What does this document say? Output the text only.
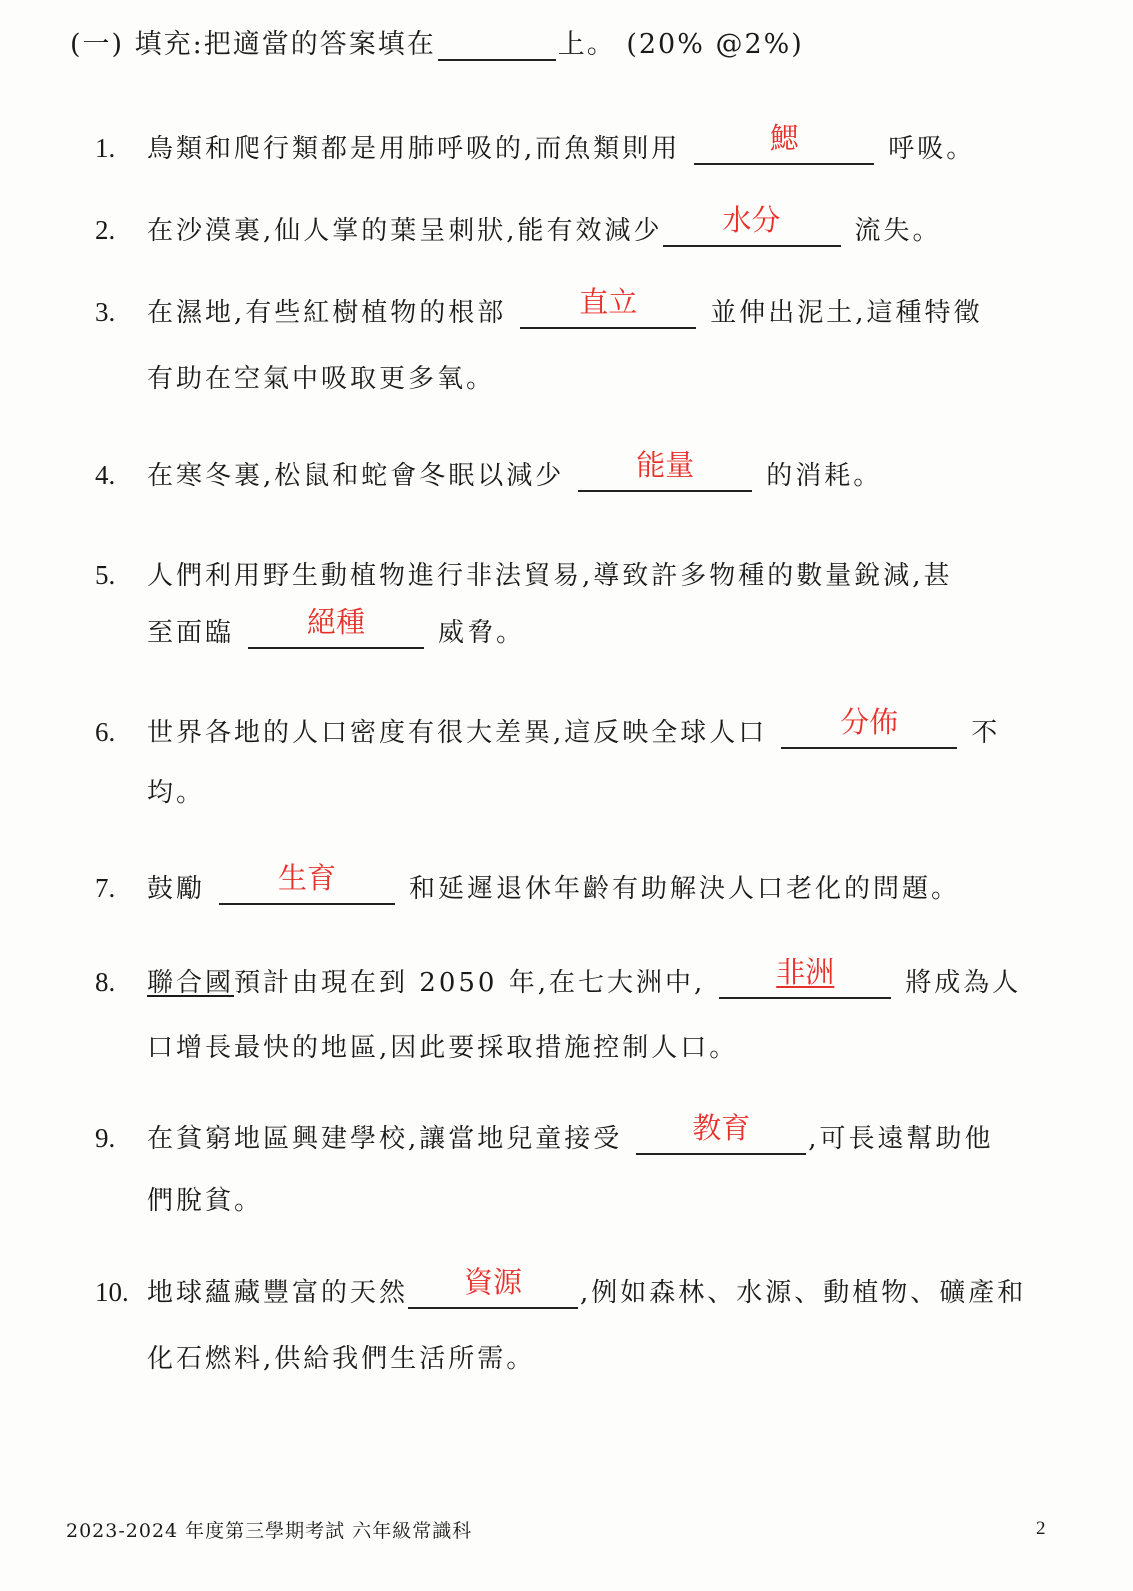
(一) 填充:把適當的答案填在	上。 (20% @2%)
1. 鳥類和爬行類都是用肺呼吸的,而魚類則用	鰓	呼吸。
2. 在沙漠裏,仙人掌的葉呈刺狀,能有效減少	水分	流失。
3. 在濕地,有些紅樹植物的根部	直立	並伸出泥土,這種特徵
有助在空氣中吸取更多氧。
4. 在寒冬裏,松鼠和蛇會冬眠以減少	能量	的消耗。
5. 人們利用野生動植物進行非法貿易,導致許多物種的數量銳減,甚
至面臨	絕種	威脅。
6. 世界各地的人口密度有很大差異,這反映全球人口	分佈	不
均。
7. 鼓勵	生育	和延遲退休年齡有助解決人口老化的問題。
8. 聯合國預計由現在到 2050 年,在七大洲中,	非洲	將成為人
口增長最快的地區,因此要採取措施控制人口。
9. 在貧窮地區興建學校,讓當地兒童接受	教育	,可長遠幫助他
們脫貧。
10. 地球蘊藏豐富的天然	資源	,例如森林、水源、動植物、礦產和
化石燃料,供給我們生活所需。
2023-2024 年度第三學期考試 六年級常識科	2
